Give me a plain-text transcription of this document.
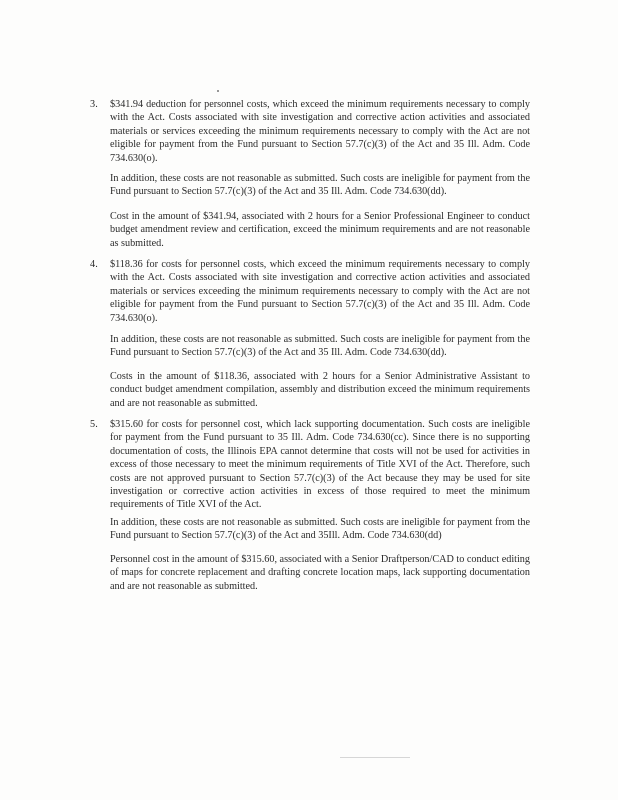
3. $341.94 deduction for personnel costs, which exceed the minimum requirements necessary to comply with the Act. Costs associated with site investigation and corrective action activities and associated materials or services exceeding the minimum requirements necessary to comply with the Act are not eligible for payment from the Fund pursuant to Section 57.7(c)(3) of the Act and 35 Ill. Adm. Code 734.630(o).

In addition, these costs are not reasonable as submitted. Such costs are ineligible for payment from the Fund pursuant to Section 57.7(c)(3) of the Act and 35 Ill. Adm. Code 734.630(dd).

Cost in the amount of $341.94, associated with 2 hours for a Senior Professional Engineer to conduct budget amendment review and certification, exceed the minimum requirements and are not reasonable as submitted.

4. $118.36 for costs for personnel costs, which exceed the minimum requirements necessary to comply with the Act. Costs associated with site investigation and corrective action activities and associated materials or services exceeding the minimum requirements necessary to comply with the Act are not eligible for payment from the Fund pursuant to Section 57.7(c)(3) of the Act and 35 Ill. Adm. Code 734.630(o).

In addition, these costs are not reasonable as submitted. Such costs are ineligible for payment from the Fund pursuant to Section 57.7(c)(3) of the Act and 35 Ill. Adm. Code 734.630(dd).

Costs in the amount of $118.36, associated with 2 hours for a Senior Administrative Assistant to conduct budget amendment compilation, assembly and distribution exceed the minimum requirements and are not reasonable as submitted.

5. $315.60 for costs for personnel cost, which lack supporting documentation. Such costs are ineligible for payment from the Fund pursuant to 35 Ill. Adm. Code 734.630(cc). Since there is no supporting documentation of costs, the Illinois EPA cannot determine that costs will not be used for activities in excess of those necessary to meet the minimum requirements of Title XVI of the Act. Therefore, such costs are not approved pursuant to Section 57.7(c)(3) of the Act because they may be used for site investigation or corrective action activities in excess of those required to meet the minimum requirements of Title XVI of the Act.

In addition, these costs are not reasonable as submitted. Such costs are ineligible for payment from the Fund pursuant to Section 57.7(c)(3) of the Act and 35Ill. Adm. Code 734.630(dd)

Personnel cost in the amount of $315.60, associated with a Senior Draftperson/CAD to conduct editing of maps for concrete replacement and drafting concrete location maps, lack supporting documentation and are not reasonable as submitted.
